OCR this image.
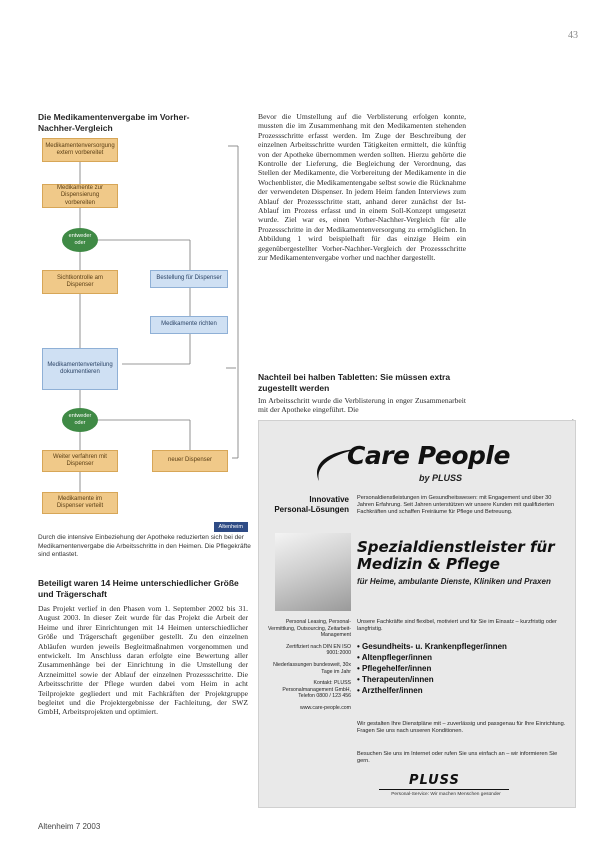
43
Die Medikamentenvergabe im Vorher-Nachher-Vergleich
Medikamentenversorgung extern vorbereitet
Medikamente zur Dispensierung vorbereiten
entweder oder
Sichtkontrolle am Dispenser
Bestellung für Dispenser
Medikamente richten
Medikamentenverteilung dokumentieren
entweder oder
Weiter verfahren mit Dispenser
neuer Dispenser
Medikamente im Dispenser verteilt
Altenheim
Durch die intensive Einbeziehung der Apotheke reduzierten sich bei der Medikamentenvergabe die Arbeitsschritte in den Heimen. Die Pflegekräfte sind entlastet.
Bevor die Umstellung auf die Verblisterung erfolgen konnte, mussten die im Zusammenhang mit den Medikamenten stehenden Prozessschritte erfasst werden. Im Zuge der Beschreibung der einzelnen Arbeitsschritte wurden Tätigkeiten ermittelt, die künftig von der Apotheke übernommen werden sollten. Hierzu gehörte die Kontrolle der Lieferung, die Begleichung der Verordnung, das Stellen der Medikamente, die Vorbereitung der Medikamente in die Wochenblister, die Medikamentengabe selbst sowie die Rücknahme der verwendeten Dispenser. In jedem Heim fanden Interviews zum Ablauf der Prozessschritte statt, anhand derer zunächst der Ist-Ablauf im Prozess erfasst und in einem Soll-Konzept umgesetzt wurde. Ziel war es, einen Vorher-Nachher-Vergleich für alle Prozessschritte in der Medikamentenversorgung zu ermöglichen. In Abbildung 1 wird beispielhaft für das einzige Heim ein gegenübergestellter Vorher-Nachher-Vergleich der Prozessschritte zur Medikamentenvergabe vorher und nachher dargestellt.
Nachteil bei halben Tabletten: Sie müssen extra zugestellt werden
Im Arbeitsschritt wurde die Verblisterung in enger Zusammenarbeit mit der Apotheke eingeführt. Die
Beteiligt waren 14 Heime unterschiedlicher Größe und Trägerschaft
Das Projekt verlief in den Phasen vom 1. September 2002 bis 31. August 2003. In dieser Zeit wurde für das Projekt die Arbeit der Heime und ihrer Einrichtungen mit 14 Heimen unterschiedlicher Größe und Trägerschaft gegenüber gestellt. Zu den einzelnen Abläufen wurden jeweils Begleitmaßnahmen vorgenommen und entwickelt. Im Anschluss daran erfolgte eine Bewertung aller Zusammenhänge bei der Einrichtung in die Umstellung der Arzneimittel sowie der Ablauf der einzelnen Prozessschritte. Die Arbeitsschritte der Pflege wurden dabei vom Heim in acht Teilprojekte gegliedert und mit Fachkräften der Projektgruppe begleitet und die Projektergebnisse der Fachleitung, der SWZ GmbH, Arbeitsprojekten und optimiert.
Care People
by PLUSS
Innovative Personal-Lösungen
Personaldienstleistungen im Gesundheitswesen: mit Engagement und über 30 Jahren Erfahrung. Seit Jahren unterstützen wir unsere Kunden mit qualifizierten Fachkräften und schaffen Freiräume für Pflege und Betreuung.
Spezialdienstleister für Medizin & Pflege
für Heime, ambulante Dienste, Kliniken und Praxen

Personal Leasing, Personal-Vermittlung, Outsourcing, Zeitarbeit-Management

Zertifiziert nach DIN EN ISO 9001:2000

Niederlassungen bundesweit, 30x Tage im Jahr

Kontakt: PLUSS Personalmanagement GmbH, Telefon 0800 / 123 456

www.care-people.com

Unsere Fachkräfte sind flexibel, motiviert und für Sie im Einsatz – kurzfristig oder langfristig.
• Gesundheits- u. Krankenpfleger/innen
• Altenpfleger/innen
• Pflegehelfer/innen
• Therapeuten/innen
• Arzthelfer/innen
Wir gestalten Ihre Dienstpläne mit – zuverlässig und passgenau für Ihre Einrichtung. Fragen Sie uns nach unseren Konditionen.
Besuchen Sie uns im Internet oder rufen Sie uns einfach an – wir informieren Sie gern.
PLUSS
Personal-Service: Wir machen Menschen gesünder
Altenheim 7 2003
